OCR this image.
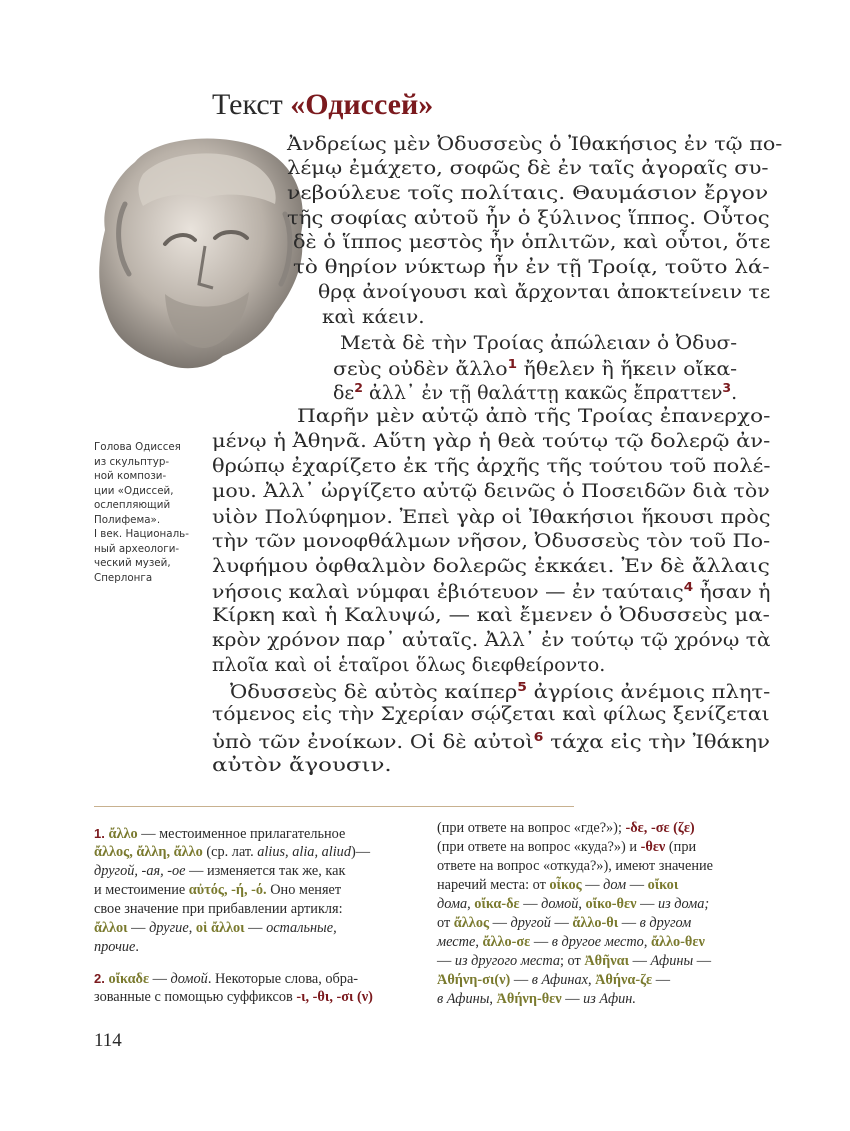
Текст «Одиссей»
Голова Одиссея
из скульптур-
ной компози-
ции «Одиссей,
ослепляющий
Полифема».
I век. Националь-
ный археологи-
ческий музей,
Сперлонга
Ἀνδρείως μὲν Ὀδυσσεὺς ὁ Ἰθακήσιος ἐν τῷ πο-
λέμῳ ἐμάχετο, σοφῶς δὲ ἐν ταῖς ἀγοραῖς συ-
νεβούλευε τοῖς πολίταις. Θαυμάσιον ἔργον
τῆς σοφίας αὐτοῦ ἦν ὁ ξύλινος ἵππος. Οὗτος
δὲ ὁ ἵππος μεστὸς ἦν ὁπλιτῶν, καὶ οὗτοι, ὅτε
τὸ θηρίον νύκτωρ ἦν ἐν τῇ Τροίᾳ, τοῦτο λά-
θρᾳ ἀνοίγουσι καὶ ἄρχονται ἀποκτείνειν τε
καὶ κάειν.
Μετὰ δὲ τὴν Τροίας ἀπώλειαν ὁ Ὀδυσ-
σεὺς οὐδὲν ἄλλο$^1$ ἤθελεν ἢ ἥκειν οἴκα-
$\delta\varepsilon^2$ ἀλλ᾽ ἐν τῇ θαλάττῃ κακῶς ἔπραττεν$^3$.
Παρῆν μὲν αὐτῷ ἀπὸ τῆς Τροίας ἐπανερχο-
μένῳ ἡ Ἀθηνᾶ. Αὕτη γὰρ ἡ θεὰ τούτῳ τῷ δολερῷ ἀν-
θρώπῳ ἐχαρίζετο ἐκ τῆς ἀρχῆς τῆς τούτου τοῦ πολέ-
μου. Ἀλλ᾽ ὠργίζετο αὐτῷ δεινῶς ὁ Ποσειδῶν διὰ τὸν
υἱὸν Πολύφημον. Ἐπεὶ γὰρ οἱ Ἰθακήσιοι ἥκουσι πρὸς
τὴν τῶν μονοφθάλμων νῆσον, Ὀδυσσεὺς τὸν τοῦ Πο-
λυφήμου ὀφθαλμὸν δολερῶς ἐκκάει. Ἐν δὲ ἄλλαις
νήσοις καλαὶ νύμφαι ἐβιότευον — ἐν ταύταις$^4$ ἦσαν ἡ
Κίρκη καὶ ἡ Καλυψώ, — καὶ ἔμενεν ὁ Ὀδυσσεὺς μα-
κρὸν χρόνον παρ᾽ αὐταῖς. Ἀλλ᾽ ἐν τούτῳ τῷ χρόνῳ τὰ
πλοῖα καὶ οἱ ἑταῖροι ὅλως διεφθείροντο.
Ὀδυσσεὺς δὲ αὐτὸς καίπερ$^5$ ἀγρίοις ἀνέμοις πλητ-
τόμενος εἰς τὴν Σχερίαν σῴζεται καὶ φίλως ξενίζεται
ὑπὸ τῶν ἐνοίκων. Οἱ δὲ αὐτοὶ$^6$ τάχα εἰς τὴν Ἰθάκην
αὐτὸν ἄγουσιν.
1. ἄλλο — местоименное прилагательное
ἄλλος, ἄλλη, ἄλλο (ср. лат. alius, alia, aliud)—
другой, -ая, -ое — изменяется так же, как
и местоимение αὐτός, -ή, -ό. Оно меняет
свое значение при прибавлении артикля:
ἄλλοι — другие, οἱ ἄλλοι — остальные,
прочие.
2. οἴκαδε — домой. Некоторые слова, обра-
зованные с помощью суффиксов -ι, -θι, -σι (ν)
(при ответе на вопрос «где?»); -δε, -σε (ζε)
(при ответе на вопрос «куда?») и -θεν (при
ответе на вопрос «откуда?»), имеют значение
наречий места: от οἶκος — дом — οἴκοι
дома, οἴκα-δε — домой, οἴκο-θεν — из дома;
от ἄλλος — другой — ἄλλο-θι — в другом
месте, ἄλλο-σε — в другое место, ἄλλο-θεν
— из другого места; от Ἀθῆναι — Афины —
Ἀθήνη-σι(ν) — в Афинах, Ἀθήνα-ζε —
в Афины, Ἀθήνη-θεν — из Афин.
114
